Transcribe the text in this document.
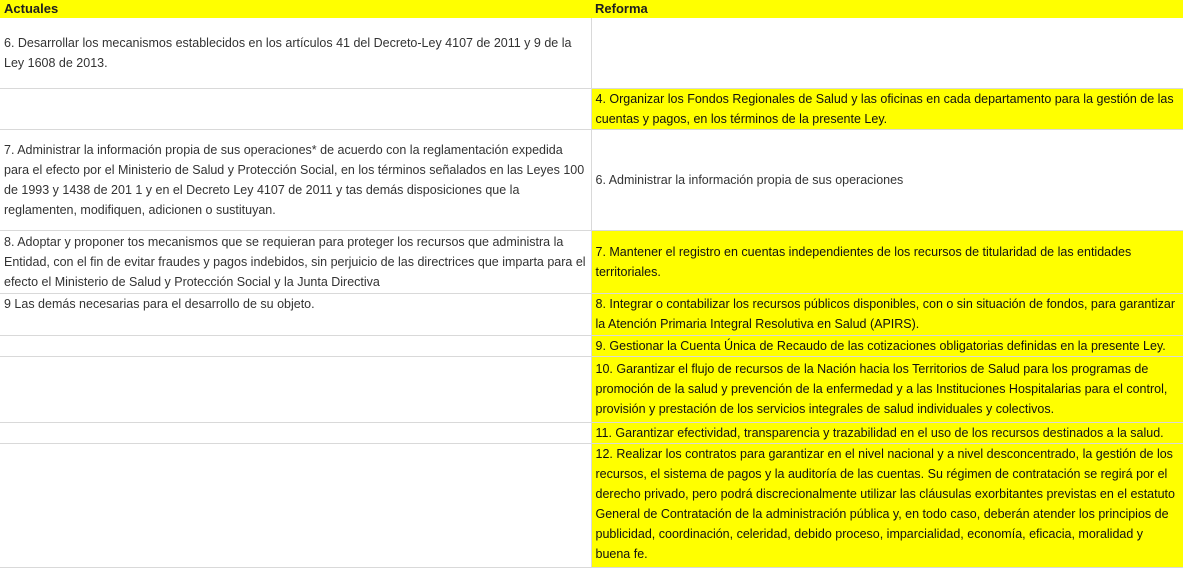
Actuales	Reforma
6. Desarrollar los mecanismos establecidos en los artículos 41 del Decreto-Ley 4107 de 2011 y 9 de la Ley 1608 de 2013.	
	4. Organizar los Fondos Regionales de Salud y las oficinas en cada departamento para la gestión de las cuentas y pagos, en los términos de la presente Ley.
7. Administrar la información propia de sus operaciones* de acuerdo con la reglamentación expedida para el efecto por el Ministerio de Salud y Protección Social, en los términos señalados en las Leyes 100 de 1993 y 1438 de 201 1 y en el Decreto Ley 4107 de 2011 y tas demás disposiciones que la reglamenten, modifiquen, adicionen o sustituyan.	6. Administrar la información propia de sus operaciones
8. Adoptar y proponer tos mecanismos que se requieran para proteger los recursos que administra la Entidad, con el fin de evitar fraudes y pagos indebidos, sin perjuicio de las directrices que imparta para el efecto el Ministerio de Salud y Protección Social y la Junta Directiva	7. Mantener el registro en cuentas independientes de los recursos de titularidad de las entidades territoriales.
9 Las demás necesarias para el desarrollo de su objeto.	8. Integrar o contabilizar los recursos públicos disponibles, con o sin situación de fondos, para garantizar la Atención Primaria Integral Resolutiva en Salud (APIRS).
	9. Gestionar la Cuenta Única de Recaudo de las cotizaciones obligatorias definidas en la presente Ley.
	10. Garantizar el flujo de recursos de la Nación hacia los Territorios de Salud para los programas de promoción de la salud y prevención de la enfermedad y a las Instituciones Hospitalarias para el control, provisión y prestación de los servicios integrales de salud individuales y colectivos.
	11. Garantizar efectividad, transparencia y trazabilidad en el uso de los recursos destinados a la salud.
	12. Realizar los contratos para garantizar en el nivel nacional y a nivel desconcentrado, la gestión de los recursos, el sistema de pagos y la auditoría de las cuentas. Su régimen de contratación se regirá por el derecho privado, pero podrá discrecionalmente utilizar las cláusulas exorbitantes previstas en el estatuto General de Contratación de la administración pública y, en todo caso, deberán atender los principios de publicidad, coordinación, celeridad, debido proceso, imparcialidad, economía, eficacia, moralidad y buena fe.
